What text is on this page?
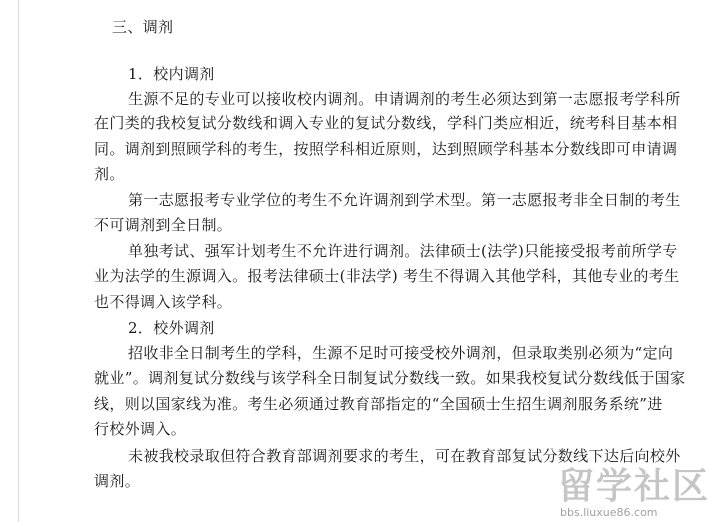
三、调剂
1．校内调剂
生源不足的专业可以接收校内调剂。申请调剂的考生必须达到第一志愿报考学科所
在门类的我校复试分数线和调入专业的复试分数线，学科门类应相近，统考科目基本相
同。调剂到照顾学科的考生，按照学科相近原则，达到照顾学科基本分数线即可申请调
剂。
第一志愿报考专业学位的考生不允许调剂到学术型。第一志愿报考非全日制的考生
不可调剂到全日制。
单独考试、强军计划考生不允许进行调剂。法律硕士(法学)只能接受报考前所学专
业为法学的生源调入。报考法律硕士(非法学) 考生不得调入其他学科，其他专业的考生
也不得调入该学科。
2．校外调剂
招收非全日制考生的学科，生源不足时可接受校外调剂，但录取类别必须为“定向
就业”。调剂复试分数线与该学科全日制复试分数线一致。如果我校复试分数线低于国家
线，则以国家线为准。考生必须通过教育部指定的“全国硕士生招生调剂服务系统”进
行校外调入。
未被我校录取但符合教育部调剂要求的考生，可在教育部复试分数线下达后向校外
调剂。	留学社区
bbs.liuxue86.com
